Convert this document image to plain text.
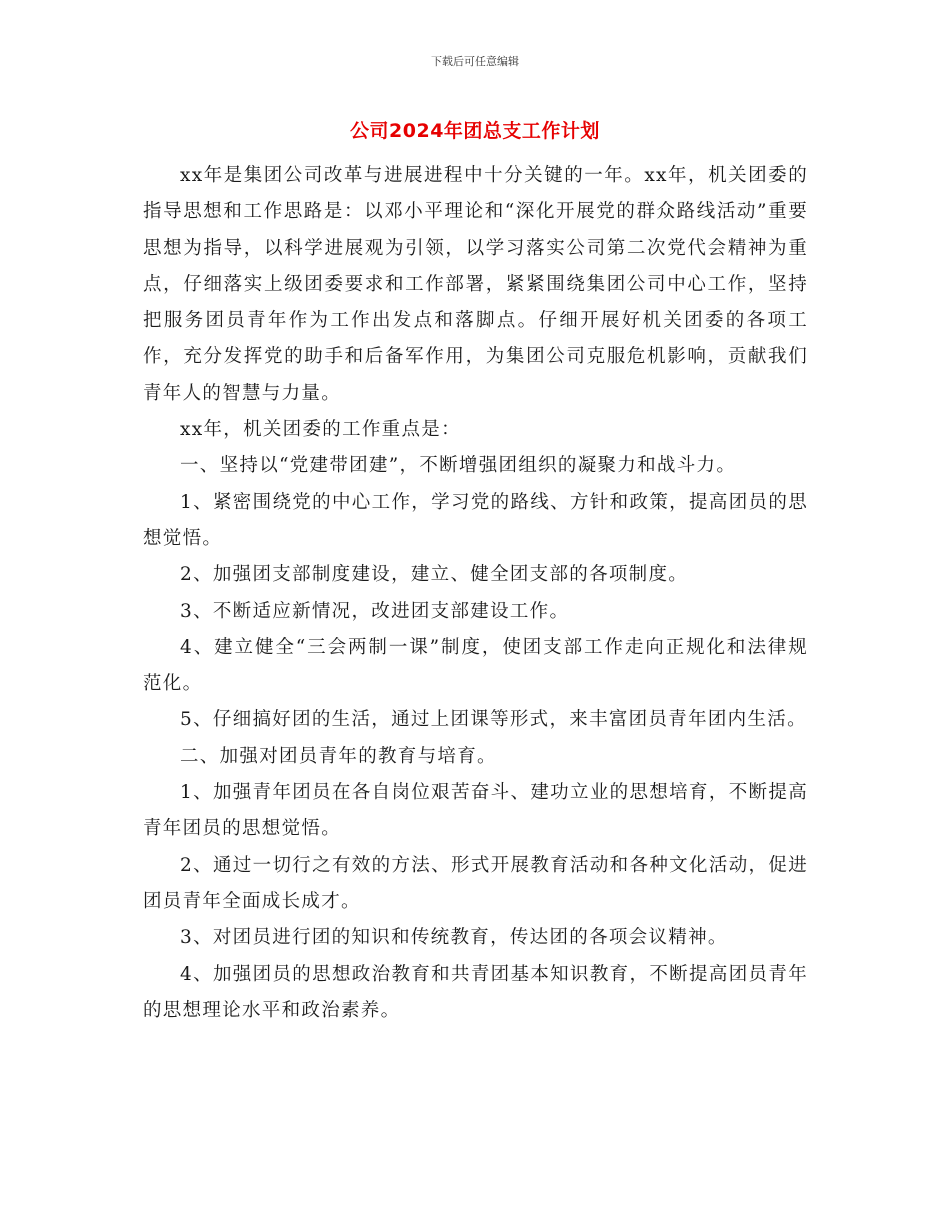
下载后可任意编辑
公司2024年团总支工作计划

xx年是集团公司改革与进展进程中十分关键的一年。xx年，机关团委的指导思想和工作思路是：以邓小平理论和“深化开展党的群众路线活动”重要思想为指导，以科学进展观为引领，以学习落实公司第二次党代会精神为重点，仔细落实上级团委要求和工作部署，紧紧围绕集团公司中心工作，坚持把服务团员青年作为工作出发点和落脚点。仔细开展好机关团委的各项工作，充分发挥党的助手和后备军作用，为集团公司克服危机影响，贡献我们青年人的智慧与力量。

xx年，机关团委的工作重点是：

一、坚持以“党建带团建”，不断增强团组织的凝聚力和战斗力。

1、紧密围绕党的中心工作，学习党的路线、方针和政策，提高团员的思想觉悟。

2、加强团支部制度建设，建立、健全团支部的各项制度。

3、不断适应新情况，改进团支部建设工作。

4、建立健全“三会两制一课”制度，使团支部工作走向正规化和法律规范化。

5、仔细搞好团的生活，通过上团课等形式，来丰富团员青年团内生活。

二、加强对团员青年的教育与培育。

1、加强青年团员在各自岗位艰苦奋斗、建功立业的思想培育，不断提高青年团员的思想觉悟。

2、通过一切行之有效的方法、形式开展教育活动和各种文化活动，促进团员青年全面成长成才。

3、对团员进行团的知识和传统教育，传达团的各项会议精神。

4、加强团员的思想政治教育和共青团基本知识教育，不断提高团员青年的思想理论水平和政治素养。
